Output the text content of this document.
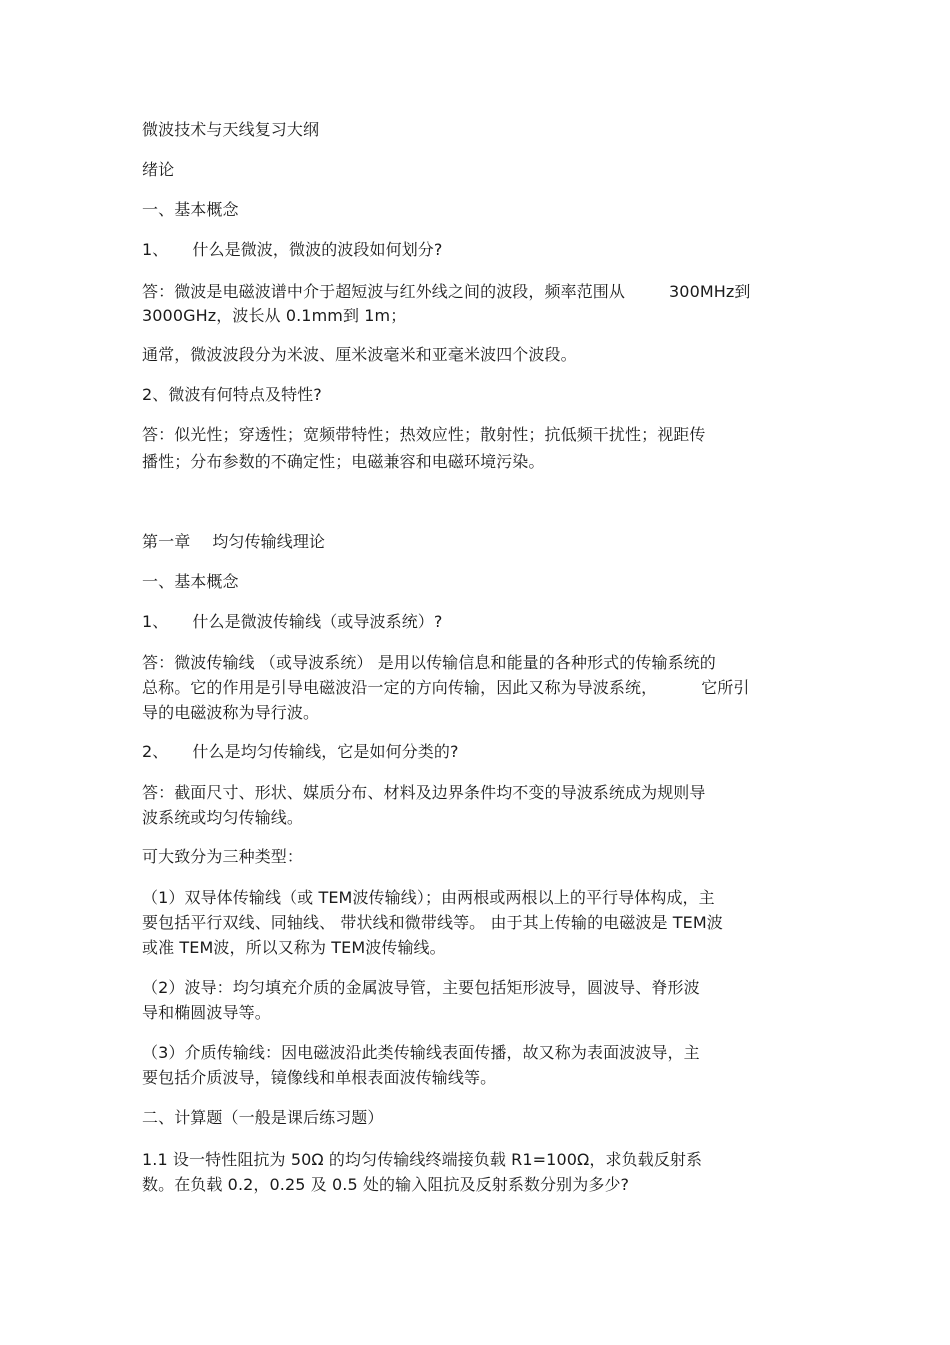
微波技术与天线复习大纲
绪论
一、基本概念
1、 什么是微波，微波的波段如何划分?
答：微波是电磁波谱中介于超短波与红外线之间的波段，频率范围从	300MHz到
3000GHz，波长从 0.1mm到 1m；
通常，微波波段分为米波、厘米波毫米和亚毫米波四个波段。
2、微波有何特点及特性?
答：似光性；穿透性；宽频带特性；热效应性；散射性；抗低频干扰性；视距传
播性；分布参数的不确定性；电磁兼容和电磁环境污染。
第一章 均匀传输线理论
一、基本概念
1、 什么是微波传输线（或导波系统）?
答：微波传输线 （或导波系统） 是用以传输信息和能量的各种形式的传输系统的
总称。它的作用是引导电磁波沿一定的方向传输，因此又称为导波系统，	它所引
导的电磁波称为导行波。
2、 什么是均匀传输线，它是如何分类的?
答：截面尺寸、形状、媒质分布、材料及边界条件均不变的导波系统成为规则导
波系统或均匀传输线。
可大致分为三种类型：
（1）双导体传输线（或 TEM波传输线）；由两根或两根以上的平行导体构成，主
要包括平行双线、同轴线、 带状线和微带线等。 由于其上传输的电磁波是 TEM波
或准 TEM波，所以又称为 TEM波传输线。
（2）波导：均匀填充介质的金属波导管，主要包括矩形波导，圆波导、脊形波
导和椭圆波导等。
（3）介质传输线：因电磁波沿此类传输线表面传播，故又称为表面波波导，主
要包括介质波导，镜像线和单根表面波传输线等。
二、计算题（一般是课后练习题）
1.1 设一特性阻抗为 50Ω 的均匀传输线终端接负载 R1=100Ω，求负载反射系
数。在负载 0.2，0.25 及 0.5 处的输入阻抗及反射系数分别为多少?
